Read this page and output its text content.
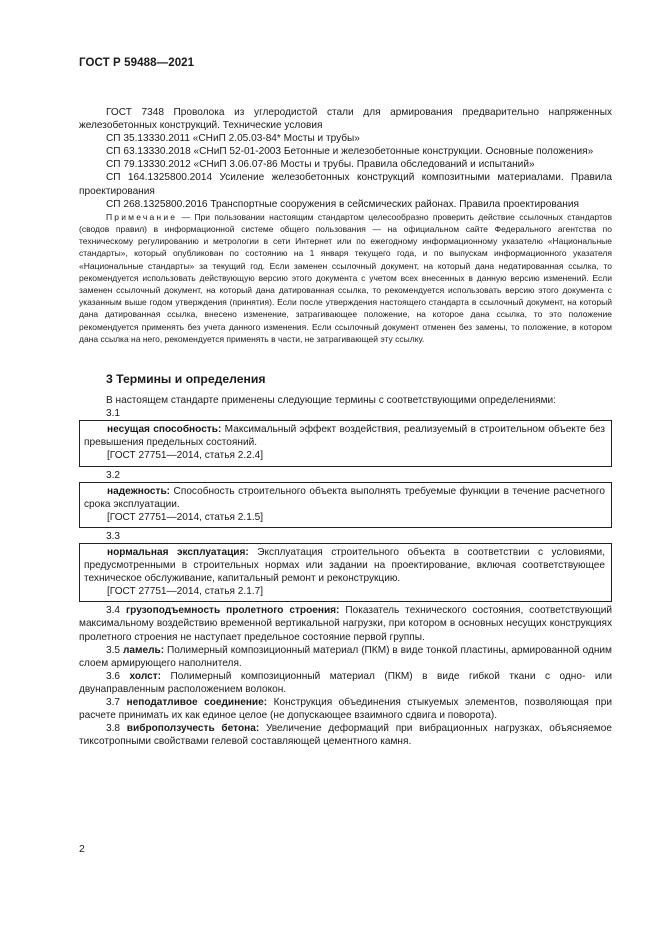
ГОСТ Р 59488—2021

ГОСТ 7348 Проволока из углеродистой стали для армирования предварительно напряженных железобетонных конструкций. Технические условия

СП 35.13330.2011 «СНиП 2.05.03-84* Мосты и трубы»

СП 63.13330.2018 «СНиП 52-01-2003 Бетонные и железобетонные конструкции. Основные положения»

СП 79.13330.2012 «СНиП 3.06.07-86 Мосты и трубы. Правила обследований и испытаний»

СП 164.1325800.2014 Усиление железобетонных конструкций композитными материалами. Правила проектирования

СП 268.1325800.2016 Транспортные сооружения в сейсмических районах. Правила проектирования

Примечание — При пользовании настоящим стандартом целесообразно проверить действие ссылочных стандартов (сводов правил) в информационной системе общего пользования — на официальном сайте Федерального агентства по техническому регулированию и метрологии в сети Интернет или по ежегодному информационному указателю «Национальные стандарты», который опубликован по состоянию на 1 января текущего года, и по выпускам информационного указателя «Национальные стандарты» за текущий год. Если заменен ссылочный документ, на который дана недатированная ссылка, то рекомендуется использовать действующую версию этого документа с учетом всех внесенных в данную версию изменений. Если заменен ссылочный документ, на который дана датированная ссылка, то рекомендуется использовать версию этого документа с указанным выше годом утверждения (принятия). Если после утверждения настоящего стандарта в ссылочный документ, на который дана датированная ссылка, внесено изменение, затрагивающее положение, на которое дана ссылка, то это положение рекомендуется применять без учета данного изменения. Если ссылочный документ отменен без замены, то положение, в котором дана ссылка на него, рекомендуется применять в части, не затрагивающей эту ссылку.

3 Термины и определения

В настоящем стандарте применены следующие термины с соответствующими определениями:

3.1

несущая способность: Максимальный эффект воздействия, реализуемый в строительном объекте без превышения предельных состояний.

[ГОСТ 27751—2014, статья 2.2.4]

3.2

надежность: Способность строительного объекта выполнять требуемые функции в течение расчетного срока эксплуатации.

[ГОСТ 27751—2014, статья 2.1.5]

3.3

нормальная эксплуатация: Эксплуатация строительного объекта в соответствии с условиями, предусмотренными в строительных нормах или задании на проектирование, включая соответствующее техническое обслуживание, капитальный ремонт и реконструкцию.

[ГОСТ 27751—2014, статья 2.1.7]

3.4 грузоподъемность пролетного строения: Показатель технического состояния, соответствующий максимальному воздействию временной вертикальной нагрузки, при котором в основных несущих конструкциях пролетного строения не наступает предельное состояние первой группы.

3.5 ламель: Полимерный композиционный материал (ПКМ) в виде тонкой пластины, армированной одним слоем армирующего наполнителя.

3.6 холст: Полимерный композиционный материал (ПКМ) в виде гибкой ткани с одно- или двунаправленным расположением волокон.

3.7 неподатливое соединение: Конструкция объединения стыкуемых элементов, позволяющая при расчете принимать их как единое целое (не допускающее взаимного сдвига и поворота).

3.8 виброползучесть бетона: Увеличение деформаций при вибрационных нагрузках, объясняемое тиксотропными свойствами гелевой составляющей цементного камня.

2
